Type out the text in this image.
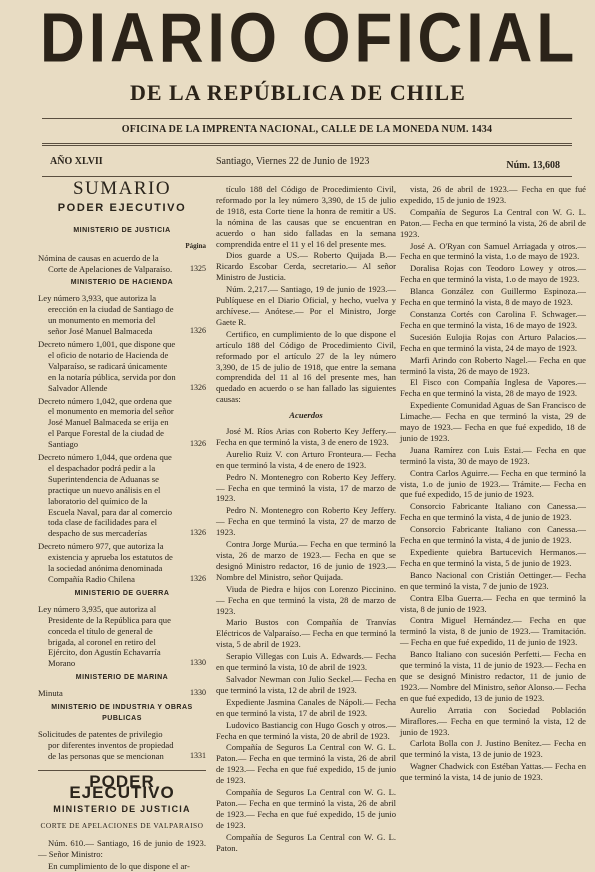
DIARIO OFICIAL
DE LA REPÚBLICA DE CHILE
OFICINA DE LA IMPRENTA NACIONAL, CALLE DE LA MONEDA NUM. 1434
AÑO XLVII	Santiago, Viernes 22 de Junio de 1923	Núm. 13,608
SUMARIO
PODER EJECUTIVO
MINISTERIO DE JUSTICIA
Página
Nómina de causas en acuerdo de la Corte de Apelaciones de Valparaíso.	1325
MINISTERIO DE HACIENDA
Ley número 3,933, que autoriza la erección en la ciudad de Santiago de un monumento en memoria del señor José Manuel Balmaceda	1326
Decreto número 1,001, que dispone que el oficio de notario de Hacienda de Valparaíso, se radicará únicamente en la notaría pública, servida por don Salvador Allende	1326
Decreto número 1,042, que ordena que el monumento en memoria del señor José Manuel Balmaceda se erija en el Parque Forestal de la ciudad de Santiago	1326
Decreto número 1,044, que ordena que el despachador podrá pedir a la Superintendencia de Aduanas se practique un nuevo análisis en el laboratorio del químico de la Escuela Naval, para dar al comercio toda clase de facilidades para el despacho de sus mercaderías	1326
Decreto número 977, que autoriza la existencia y aprueba los estatutos de la sociedad anónima denominada Compañía Radio Chilena	1326
MINISTERIO DE GUERRA
Ley número 3,935, que autoriza al Presidente de la República para que conceda el título de general de brigada, al coronel en retiro del Ejército, don Agustín Echavarría Morano	1330
MINISTERIO DE MARINA
Minuta	1330
MINISTERIO DE INDUSTRIA Y OBRAS PUBLICAS
Solicitudes de patentes de privilegio por diferentes inventos de propiedad de las personas que se mencionan	1331
PODER EJECUTIVO
MINISTERIO DE JUSTICIA
CORTE DE APELACIONES DE VALPARAISO

Núm. 610.— Santiago, 16 de junio de 1923.— Señor Ministro:

En cumplimiento de lo que dispone el ar-

tículo 188 del Código de Procedimiento Civil, reformado por la ley número 3,390, de 15 de julio de 1918, esta Corte tiene la honra de remitir a US. la nómina de las causas que se encuentran en acuerdo o han sido falladas en la semana comprendida entre el 11 y el 16 del presente mes.

Dios guarde a US.— Roberto Quijada B.— Ricardo Escobar Cerda, secretario.— Al señor Ministro de Justicia.

Núm. 2,217.— Santiago, 19 de junio de 1923.— Publíquese en el Diario Oficial, y hecho, vuelva y archívese.— Anótese.— Por el Ministro, Jorge Gaete R.

Certifico, en cumplimiento de lo que dispone el artículo 188 del Código de Procedimiento Civil, reformado por el artículo 27 de la ley número 3,390, de 15 de julio de 1918, que entre la semana comprendida del 11 al 16 del presente mes, han quedado en acuerdo o se han fallado las siguientes causas:

Acuerdos

José M. Ríos Arias con Roberto Key Jeffery.— Fecha en que terminó la vista, 3 de enero de 1923.

Aurelio Ruiz V. con Arturo Fronteura.— Fecha en que terminó la vista, 4 de enero de 1923.

Pedro N. Montenegro con Roberto Key Jeffery.— Fecha en que terminó la vista, 17 de marzo de 1923.

Pedro N. Montenegro con Roberto Key Jeffery.— Fecha en que terminó la vista, 27 de marzo de 1923.

Contra Jorge Murúa.— Fecha en que terminó la vista, 26 de marzo de 1923.— Fecha en que se designó Ministro redactor, 16 de junio de 1923.— Nombre del Ministro, señor Quijada.

Viuda de Piedra e hijos con Lorenzo Piccinino.— Fecha en que terminó la vista, 28 de marzo de 1923.

Mario Bustos con Compañía de Tranvías Eléctricos de Valparaíso.— Fecha en que terminó la vista, 5 de abril de 1923.

Serapio Villegas con Luis A. Edwards.— Fecha en que terminó la vista, 10 de abril de 1923.

Salvador Newman con Julio Seckel.— Fecha en que terminó la vista, 12 de abril de 1923.

Expediente Jasmina Canales de Nápoli.— Fecha en que terminó la vista, 17 de abril de 1923.

Ludovico Bastiancig con Hugo Gosch y otros.— Fecha en que terminó la vista, 20 de abril de 1923.

Compañía de Seguros La Central con W. G. L. Paton.— Fecha en que terminó la vista, 26 de abril de 1923.— Fecha en que fué expedido, 15 de junio de 1923.

Compañía de Seguros La Central con W. G. L. Paton.— Fecha en que terminó la vista, 26 de abril de 1923.— Fecha en que fué expedido, 15 de junio de 1923.

Compañía de Seguros La Central con W. G. L. Paton.

vista, 26 de abril de 1923.— Fecha en que fué expedido, 15 de junio de 1923.

Compañía de Seguros La Central con W. G. L. Paton.— Fecha en que terminó la vista, 26 de abril de 1923.

José A. O'Ryan con Samuel Arriagada y otros.— Fecha en que terminó la vista, 1.o de mayo de 1923.

Doralisa Rojas con Teodoro Lowey y otros.— Fecha en que terminó la vista, 1.o de mayo de 1923.

Blanca González con Guillermo Espinoza.— Fecha en que terminó la vista, 8 de mayo de 1923.

Constanza Cortés con Carolina F. Schwager.— Fecha en que terminó la vista, 16 de mayo de 1923.

Sucesión Eulojia Rojas con Arturo Palacios.— Fecha en que terminó la vista, 24 de mayo de 1923.

Marfi Arindo con Roberto Nagel.— Fecha en que terminó la vista, 26 de mayo de 1923.

El Fisco con Compañía Inglesa de Vapores.— Fecha en que terminó la vista, 28 de mayo de 1923.

Expediente Comunidad Aguas de San Francisco de Limache.— Fecha en que terminó la vista, 29 de mayo de 1923.— Fecha en que fué expedido, 18 de junio de 1923.

Juana Ramírez con Luis Estai.— Fecha en que terminó la vista, 30 de mayo de 1923.

Contra Carlos Aguirre.— Fecha en que terminó la vista, 1.o de junio de 1923.— Trámite.— Fecha en que fué expedido, 15 de junio de 1923.

Consorcio Fabricante Italiano con Canessa.— Fecha en que terminó la vista, 4 de junio de 1923.

Consorcio Fabricante Italiano con Canessa.— Fecha en que terminó la vista, 4 de junio de 1923.

Expediente quiebra Bartucevich Hermanos.— Fecha en que terminó la vista, 5 de junio de 1923.

Banco Nacional con Cristián Oettinger.— Fecha en que terminó la vista, 7 de junio de 1923.

Contra Elba Guerra.— Fecha en que terminó la vista, 8 de junio de 1923.

Contra Miguel Hernández.— Fecha en que terminó la vista, 8 de junio de 1923.— Tramitación.— Fecha en que fué expedido, 11 de junio de 1923.

Banco Italiano con sucesión Perfetti.— Fecha en que terminó la vista, 11 de junio de 1923.— Fecha en que se designó Ministro redactor, 11 de junio de 1923.— Nombre del Ministro, señor Alonso.— Fecha en que fué expedido, 13 de junio de 1923.

Aurelio Arratia con Sociedad Población Miraflores.— Fecha en que terminó la vista, 12 de junio de 1923.

Carlota Bolla con J. Justino Benítez.— Fecha en que terminó la vista, 13 de junio de 1923.

Wagner Chadwick con Estéban Yattas.— Fecha en que terminó la vista, 14 de junio de 1923.
